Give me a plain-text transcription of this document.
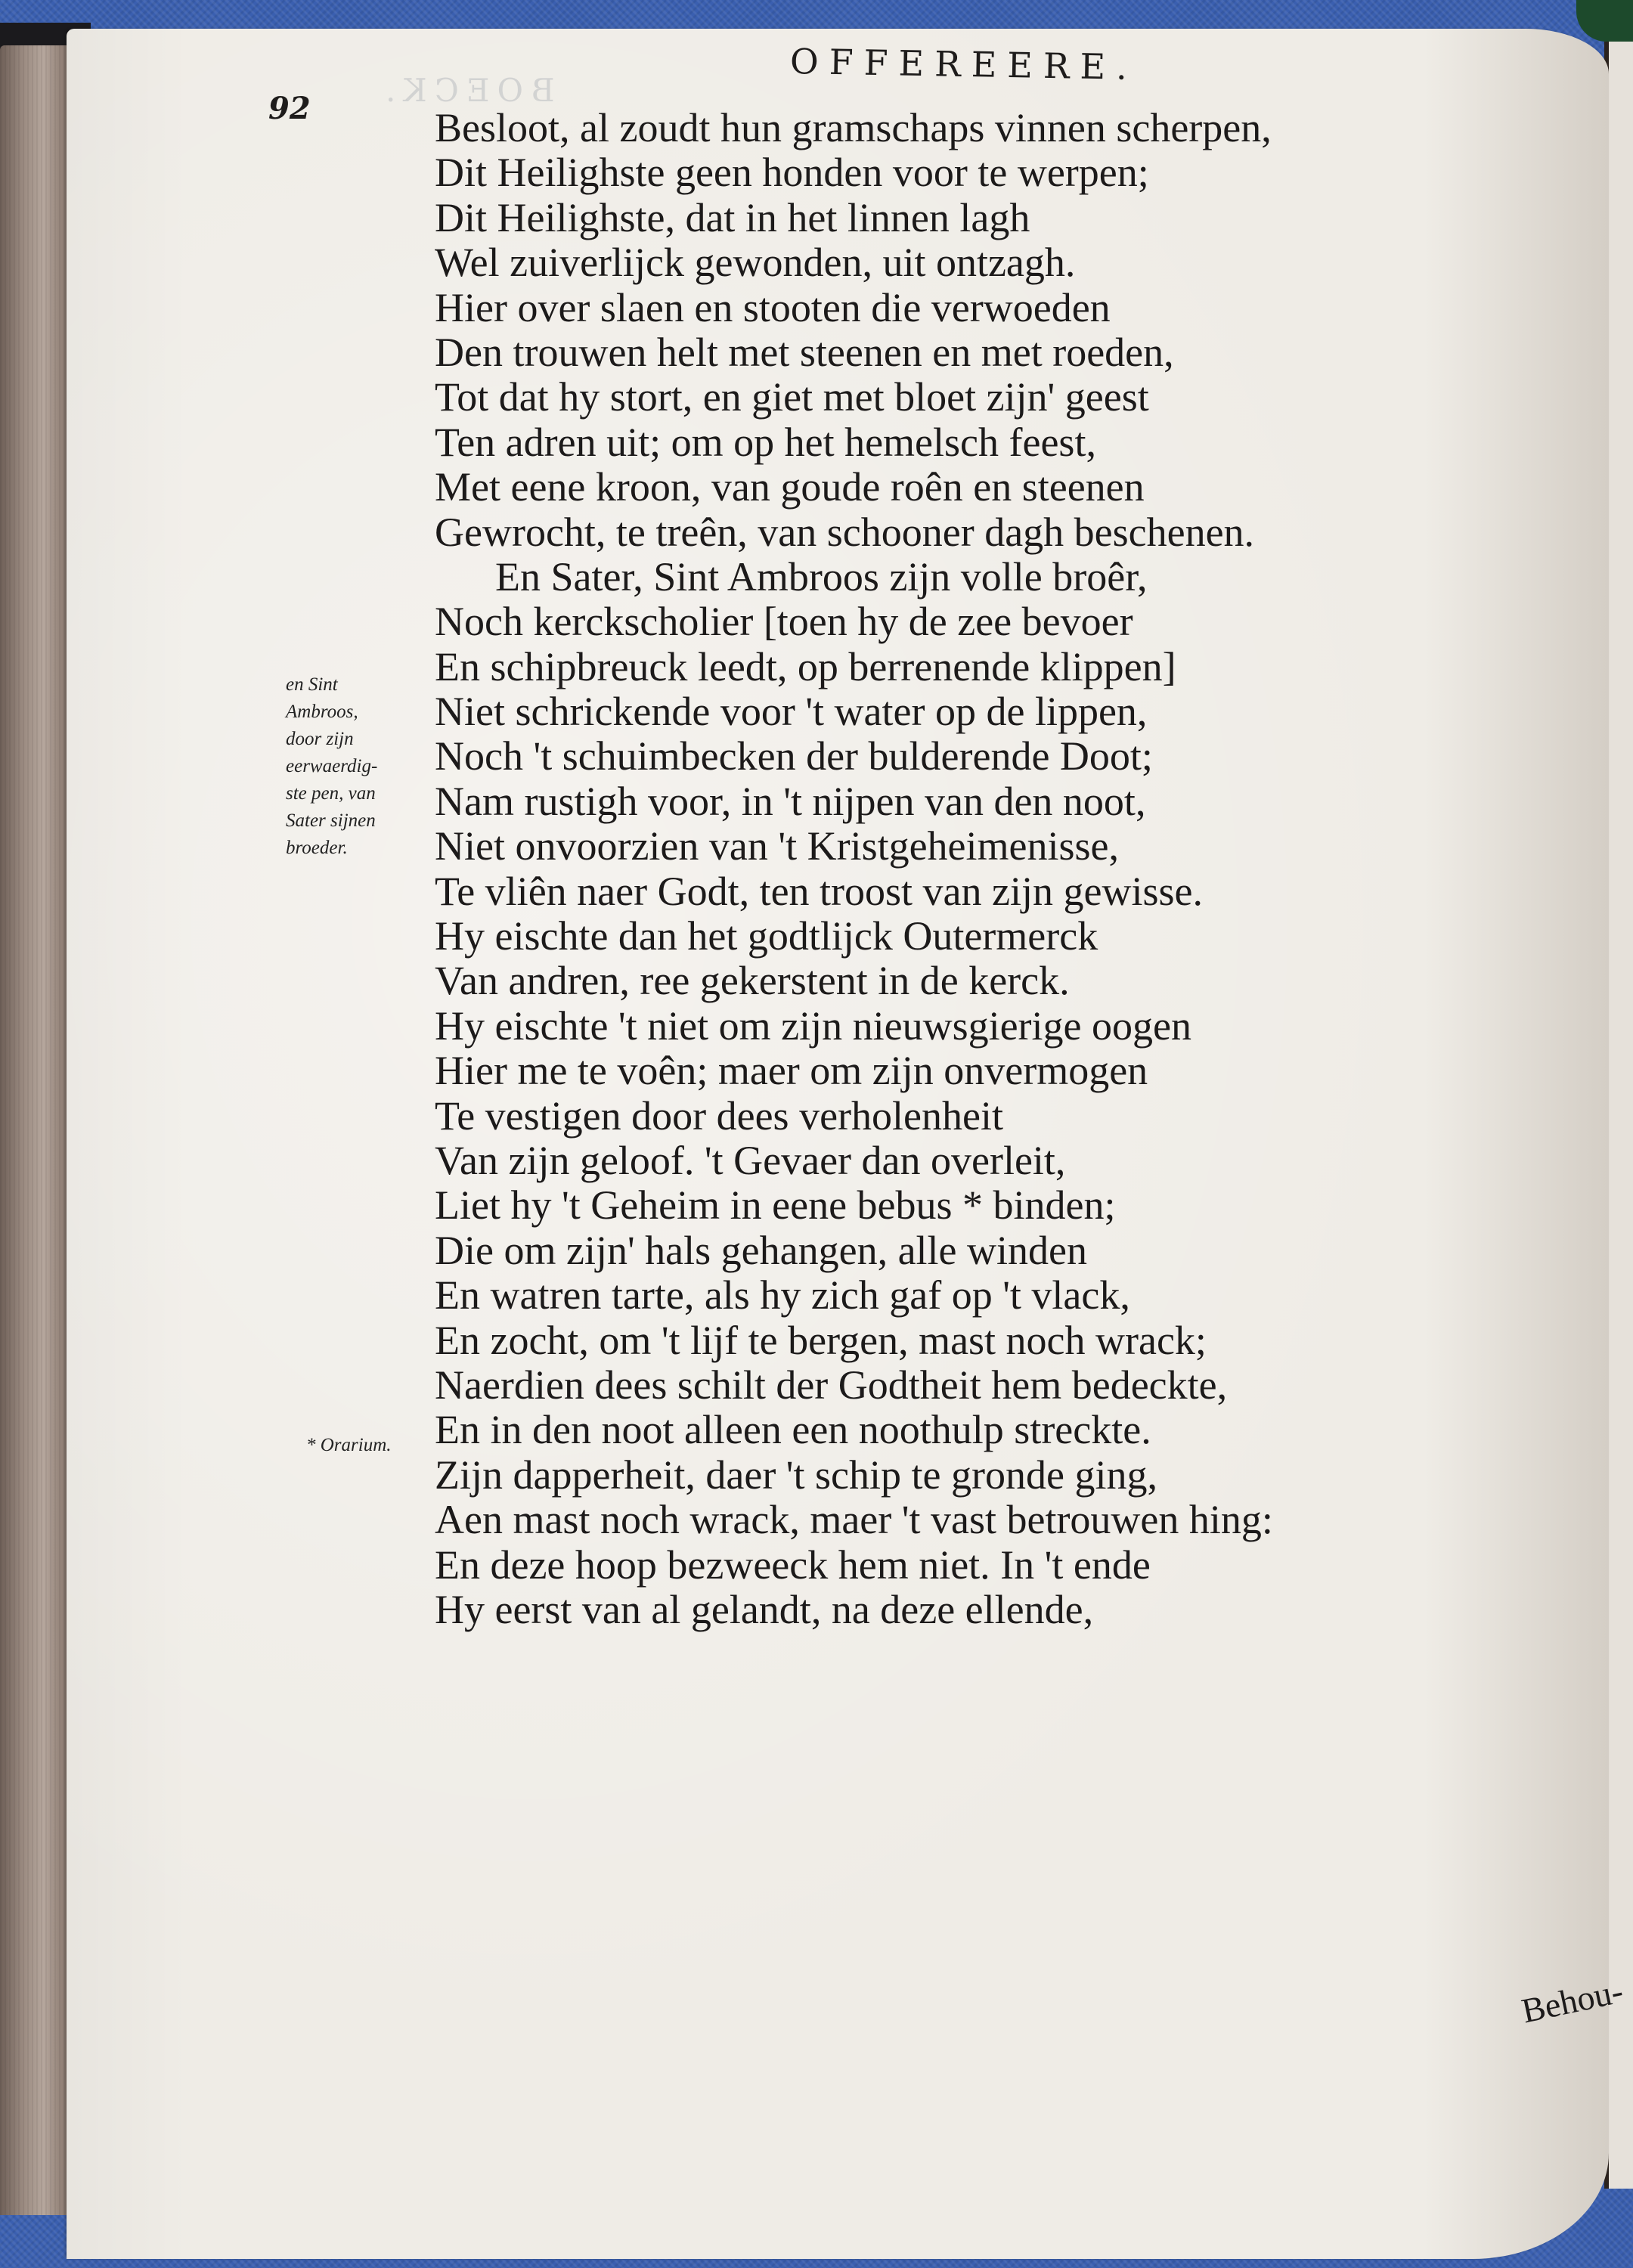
BOECK.
OFFEREERE.
92
en Sint
Ambroos,
door zijn
eerwaerdig-
ste pen, van
Sater sijnen
broeder.
* Orarium.
Besloot, al zoudt hun gramschaps vinnen scherpen,
Dit Heilighste geen honden voor te werpen;
Dit Heilighste, dat in het linnen lagh
Wel zuiverlijck gewonden, uit ontzagh.
Hier over slaen en stooten die verwoeden
Den trouwen helt met steenen en met roeden,
Tot dat hy stort, en giet met bloet zijn' geest
Ten adren uit; om op het hemelsch feest,
Met eene kroon, van goude roên en steenen
Gewrocht, te treên, van schooner dagh beschenen.
En Sater, Sint Ambroos zijn volle broêr,
Noch kerckscholier [toen hy de zee bevoer
En schipbreuck leedt, op berrenende klippen]
Niet schrickende voor 't water op de lippen,
Noch 't schuimbecken der bulderende Doot;
Nam rustigh voor, in 't nijpen van den noot,
Niet onvoorzien van 't Kristgeheimenisse,
Te vliên naer Godt, ten troost van zijn gewisse.
Hy eischte dan het godtlijck Outermerck
Van andren, ree gekerstent in de kerck.
Hy eischte 't niet om zijn nieuwsgierige oogen
Hier me te voên; maer om zijn onvermogen
Te vestigen door dees verholenheit
Van zijn geloof. 't Gevaer dan overleit,
Liet hy 't Geheim in eene bebus * binden;
Die om zijn' hals gehangen, alle winden
En watren tarte, als hy zich gaf op 't vlack,
En zocht, om 't lijf te bergen, mast noch wrack;
Naerdien dees schilt der Godtheit hem bedeckte,
En in den noot alleen een noothulp streckte.
Zijn dapperheit, daer 't schip te gronde ging,
Aen mast noch wrack, maer 't vast betrouwen hing:
En deze hoop bezweeck hem niet. In 't ende
Hy eerst van al gelandt, na deze ellende,
Behou-
